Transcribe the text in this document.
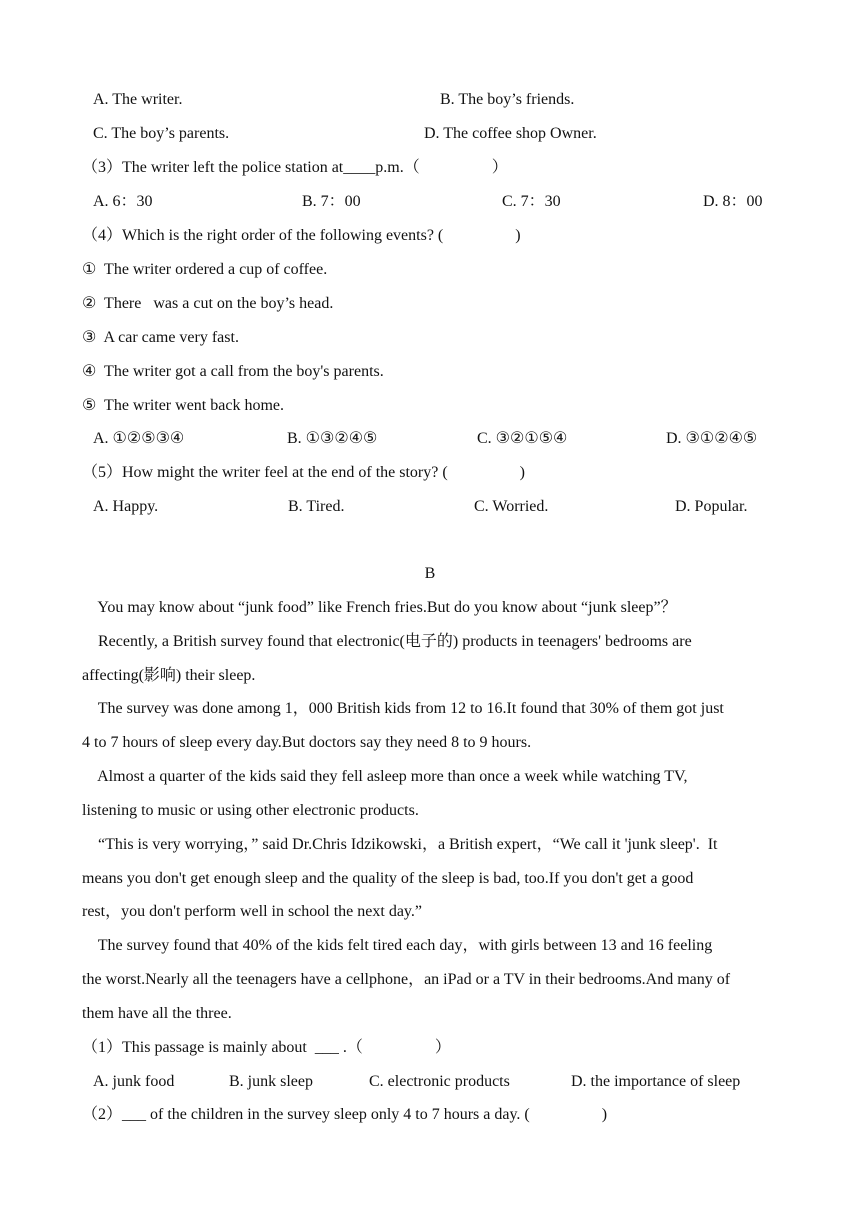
A. The writer.	B. The boy’s friends.
C. The boy’s parents.	D. The coffee shop Owner.
（3）The writer left the police station at____p.m.（                  ）
A. 6：30	B. 7：00	C. 7：30	D. 8：00
（4）Which is the right order of the following events? (                  )
①  The writer ordered a cup of coffee.
②  There   was a cut on the boy’s head.
③  A car came very fast.
④  The writer got a call from the boy's parents.
⑤  The writer went back home.
A. ①②⑤③④	B. ①③②④⑤	C. ③②①⑤④	D. ③①②④⑤
（5）How might the writer feel at the end of the story? (                  )
A. Happy.	B. Tired.	C. Worried.	D. Popular.
B
You may know about “junk food” like French fries.But do you know about “junk sleep”？
Recently, a British survey found that electronic(电子的) products in teenagers' bedrooms are
affecting(影响) their sleep.
The survey was done among 1，000 British kids from 12 to 16.It found that 30% of them got just
4 to 7 hours of sleep every day.But doctors say they need 8 to 9 hours.
Almost a quarter of the kids said they fell asleep more than once a week while watching TV,
listening to music or using other electronic products.
“This is very worrying，” said Dr.Chris Idzikowski，a British expert，“We call it 'junk sleep'.  It
means you don't get enough sleep and the quality of the sleep is bad, too.If you don't get a good
rest，you don't perform well in school the next day.”
The survey found that 40% of the kids felt tired each day，with girls between 13 and 16 feeling
the worst.Nearly all the teenagers have a cellphone，an iPad or a TV in their bedrooms.And many of
them have all the three.
（1）This passage is mainly about  ___ .（                  ）
A. junk food	B. junk sleep	C. electronic products	D. the importance of sleep
（2）___ of the children in the survey sleep only 4 to 7 hours a day. (                  )
